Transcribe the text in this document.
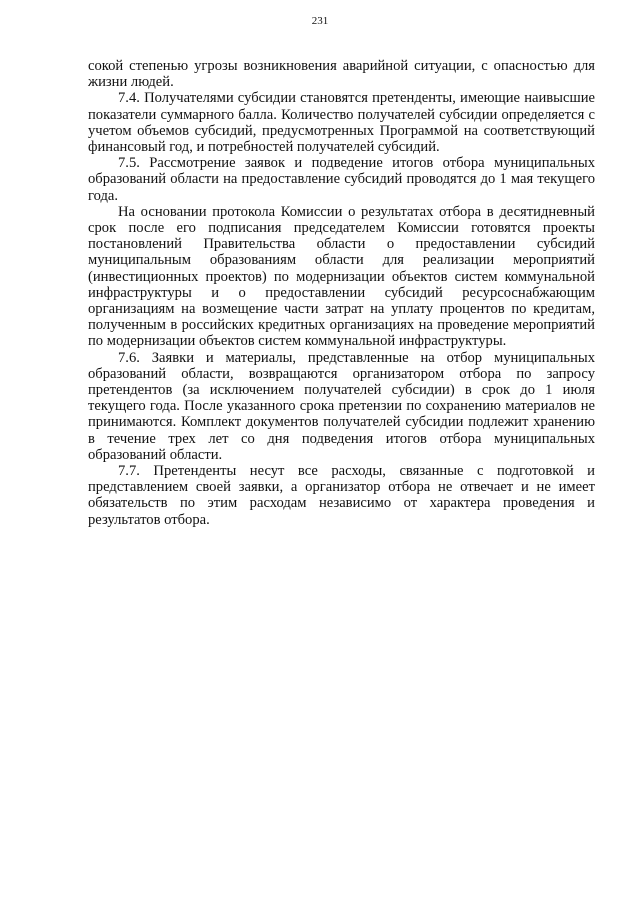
231

сокой степенью угрозы возникновения аварийной ситуации, с опасностью для жизни людей.

7.4. Получателями субсидии становятся претенденты, имеющие наивысшие показатели суммарного балла. Количество получателей субсидии определяется с учетом объемов субсидий, предусмотренных Программой на соответствующий финансовый год, и потребностей получателей субсидий.

7.5. Рассмотрение заявок и подведение итогов отбора муниципальных образований области на предоставление субсидий проводятся до 1 мая текущего года.

На основании протокола Комиссии о результатах отбора в десятидневный срок после его подписания председателем Комиссии готовятся проекты постановлений Правительства области о предоставлении субсидий муниципальным образованиям области для реализации мероприятий (инвестиционных проектов) по модернизации объектов систем коммунальной инфраструктуры и о предоставлении субсидий ресурсоснабжающим организациям на возмещение части затрат на уплату процентов по кредитам, полученным в российских кредитных организациях на проведение мероприятий по модернизации объектов систем коммунальной инфраструктуры.

7.6. Заявки и материалы, представленные на отбор муниципальных образований области, возвращаются организатором отбора по запросу претендентов (за исключением получателей субсидии) в срок до 1 июля текущего года. После указанного срока претензии по сохранению материалов не принимаются. Комплект документов получателей субсидии подлежит хранению в течение трех лет со дня подведения итогов отбора муниципальных образований области.

7.7. Претенденты несут все расходы, связанные с подготовкой и представлением своей заявки, а организатор отбора не отвечает и не имеет обязательств по этим расходам независимо от характера проведения и результатов отбора.
